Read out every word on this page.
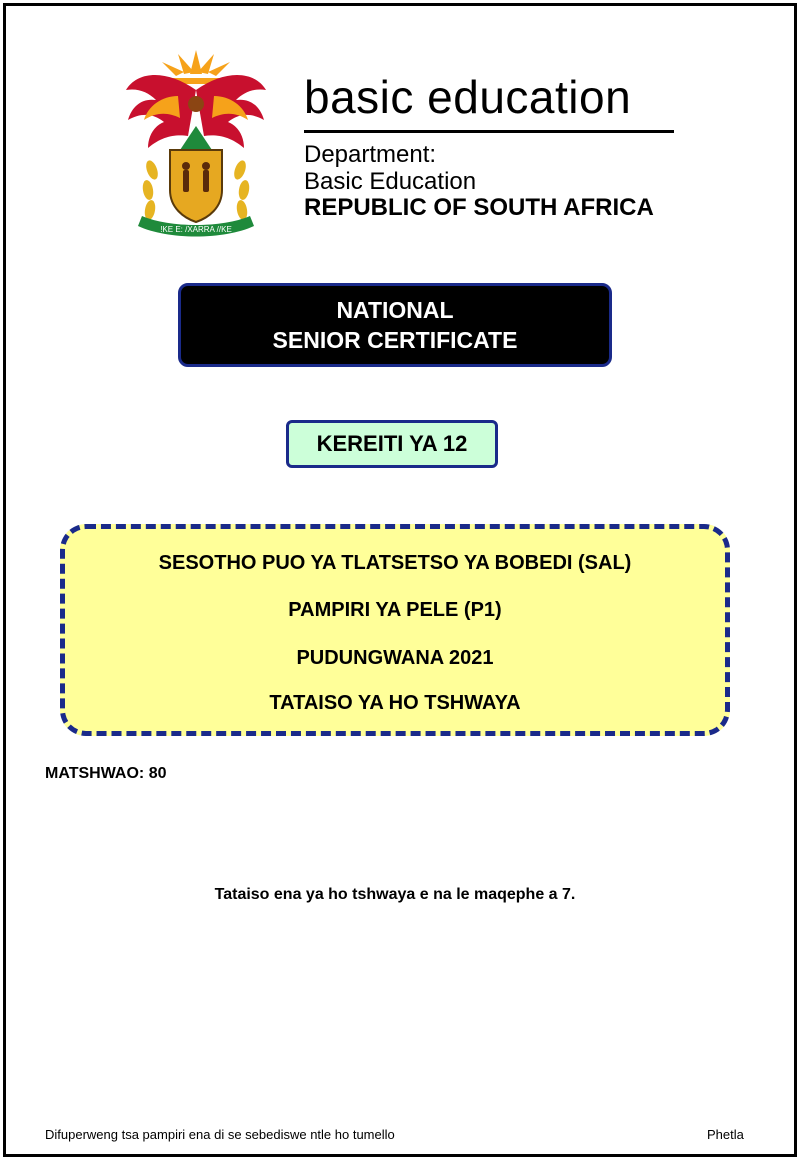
!KE E: /XARRA //KE
basic education
Department:
Basic Education
REPUBLIC OF SOUTH AFRICA
NATIONAL
SENIOR CERTIFICATE
KEREITI YA 12
SESOTHO PUO YA TLATSETSO YA BOBEDI (SAL)
PAMPIRI YA PELE (P1)
PUDUNGWANA 2021
TATAISO YA HO TSHWAYA
MATSHWAO: 80
Tataiso ena ya ho tshwaya e na le maqephe a 7.
Difuperweng tsa pampiri ena di se sebediswe ntle ho tumello	Phetla
